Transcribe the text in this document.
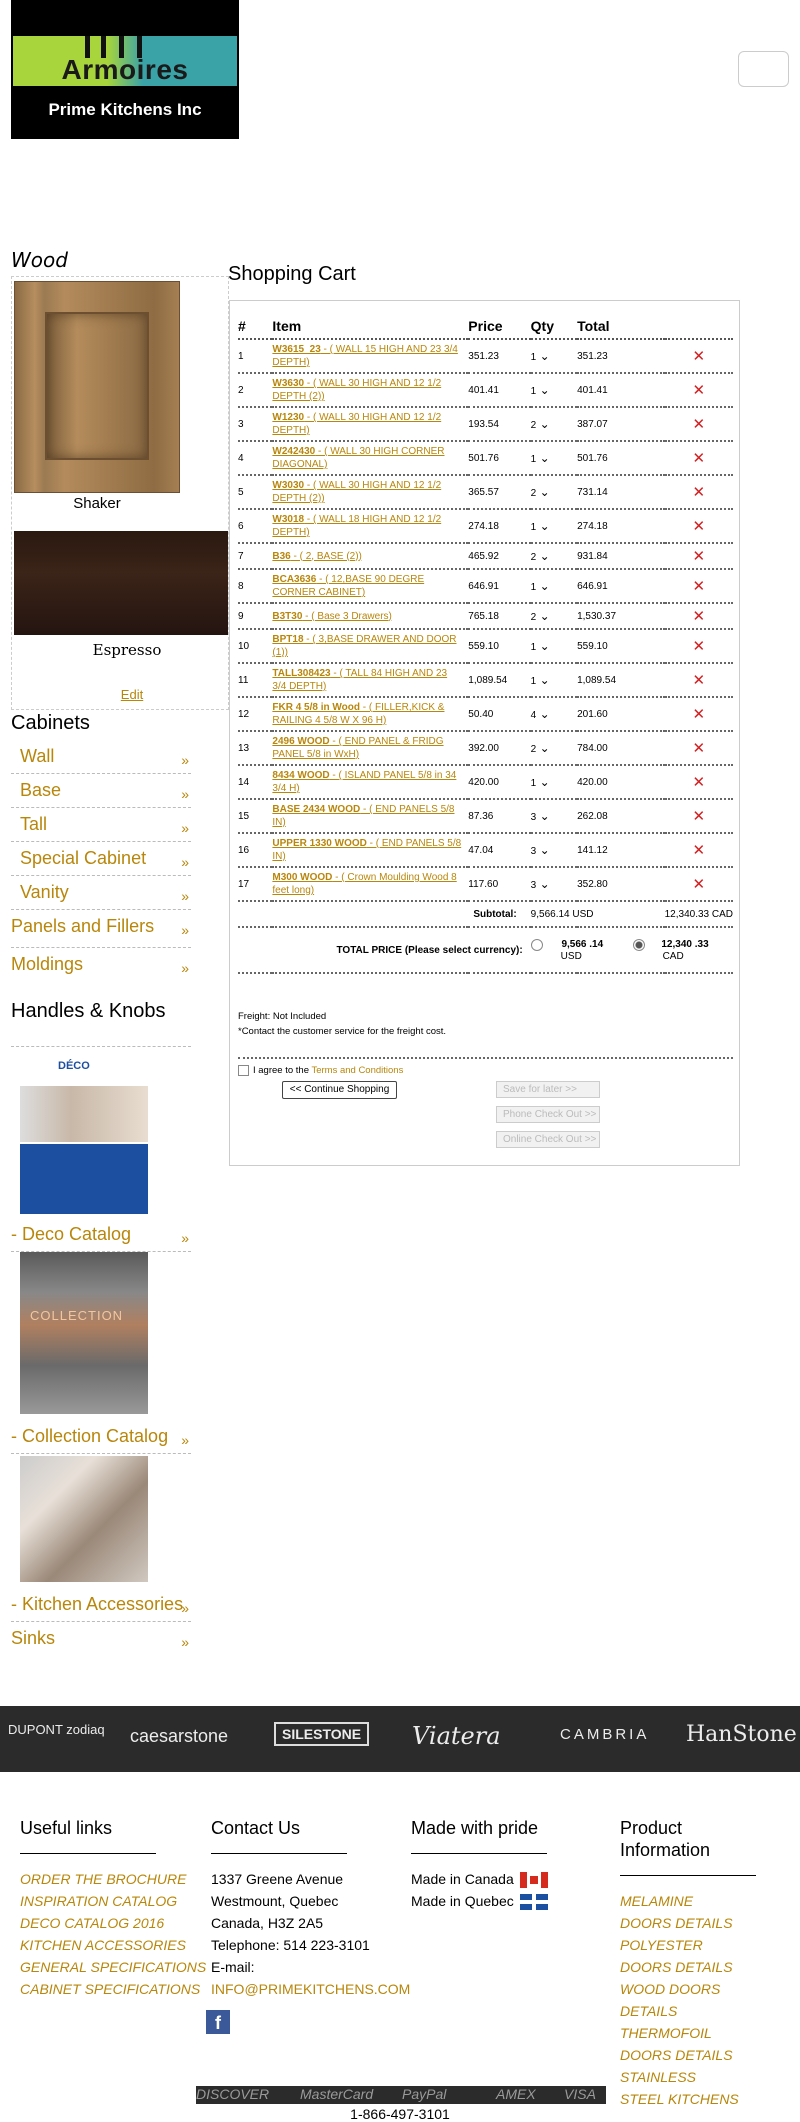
Armoires
Prime Kitchens Inc
Wood
Shaker
Espresso
Edit
Cabinets
Wall	»
Base	»
Tall	»
Special Cabinet	»
Vanity	»
Panels and Fillers »
Moldings	»
Handles & Knobs
DÉCO
- Deco Catalog	»
COLLECTION
- Collection Catalog »
- Kitchen Accessories
»
Sinks	»
Shopping Cart
#	Item	Price	Qty	Total	
1	W3615_23 - ( WALL 15 HIGH AND 23 3/4 DEPTH)	351.23	1 ⌄	351.23	✕
2	W3630 - ( WALL 30 HIGH AND 12 1/2 DEPTH (2))	401.41	1 ⌄	401.41	✕
3	W1230 - ( WALL 30 HIGH AND 12 1/2 DEPTH)	193.54	2 ⌄	387.07	✕
4	W242430 - ( WALL 30 HIGH CORNER DIAGONAL)	501.76	1 ⌄	501.76	✕
5	W3030 - ( WALL 30 HIGH AND 12 1/2 DEPTH (2))	365.57	2 ⌄	731.14	✕
6	W3018 - ( WALL 18 HIGH AND 12 1/2 DEPTH)	274.18	1 ⌄	274.18	✕
7	B36 - ( 2, BASE (2))	465.92	2 ⌄	931.84	✕
8	BCA3636 - ( 12,BASE 90 DEGRE CORNER CABINET)	646.91	1 ⌄	646.91	✕
9	B3T30 - ( Base 3 Drawers)	765.18	2 ⌄	1,530.37	✕
10	BPT18 - ( 3,BASE DRAWER AND DOOR (1))	559.10	1 ⌄	559.10	✕
11	TALL308423 - ( TALL 84 HIGH AND 23 3/4 DEPTH)	1,089.54	1 ⌄	1,089.54	✕
12	FKR 4 5/8 in Wood - ( FILLER,KICK & RAILING 4 5/8 W X 96 H)	50.40	4 ⌄	201.60	✕
13	2496 WOOD - ( END PANEL & FRIDG PANEL 5/8 in WxH)	392.00	2 ⌄	784.00	✕
14	8434 WOOD - ( ISLAND PANEL 5/8 in 34 3/4 H)	420.00	1 ⌄	420.00	✕
15	BASE 2434 WOOD - ( END PANELS 5/8 IN)	87.36	3 ⌄	262.08	✕
16	UPPER 1330 WOOD - ( END PANELS 5/8 IN)	47.04	3 ⌄	141.12	✕
17	M300 WOOD - ( Crown Moulding Wood 8 feet long)	117.60	3 ⌄	352.80	✕
	Subtotal:		9,566.14 USD		12,340.33 CAD
	TOTAL PRICE (Please select currency):		9,566 .14
USD		12,340 .33
CAD
Freight: Not Included
*Contact the customer service for the freight cost.
I agree to the Terms and Conditions
<< Continue Shopping	Save for later >>
Phone Check Out >>
Online Check Out >>
DUPONT zodiaq caesarstone	SILESTONE	Viatera	CAMBRIA HanStone
Useful links
ORDER THE BROCHURE
INSPIRATION CATALOG
DECO CATALOG 2016
KITCHEN ACCESSORIES
GENERAL SPECIFICATIONS
CABINET SPECIFICATIONS
Contact Us
1337 Greene Avenue
Westmount, Quebec
Canada, H3Z 2A5
Telephone: 514 223-3101
E-mail:
INFO@PRIMEKITCHENS.COM
f
Made with pride
Made in Canada
Made in Quebec
Product Information
MELAMINE DOORS DETAILS
POLYESTER DOORS DETAILS
WOOD DOORS DETAILS
THERMOFOIL DOORS DETAILS
STAINLESS STEEL KITCHENS
DISCOVER MasterCard PayPal	AMEX VISA
1-866-497-3101
